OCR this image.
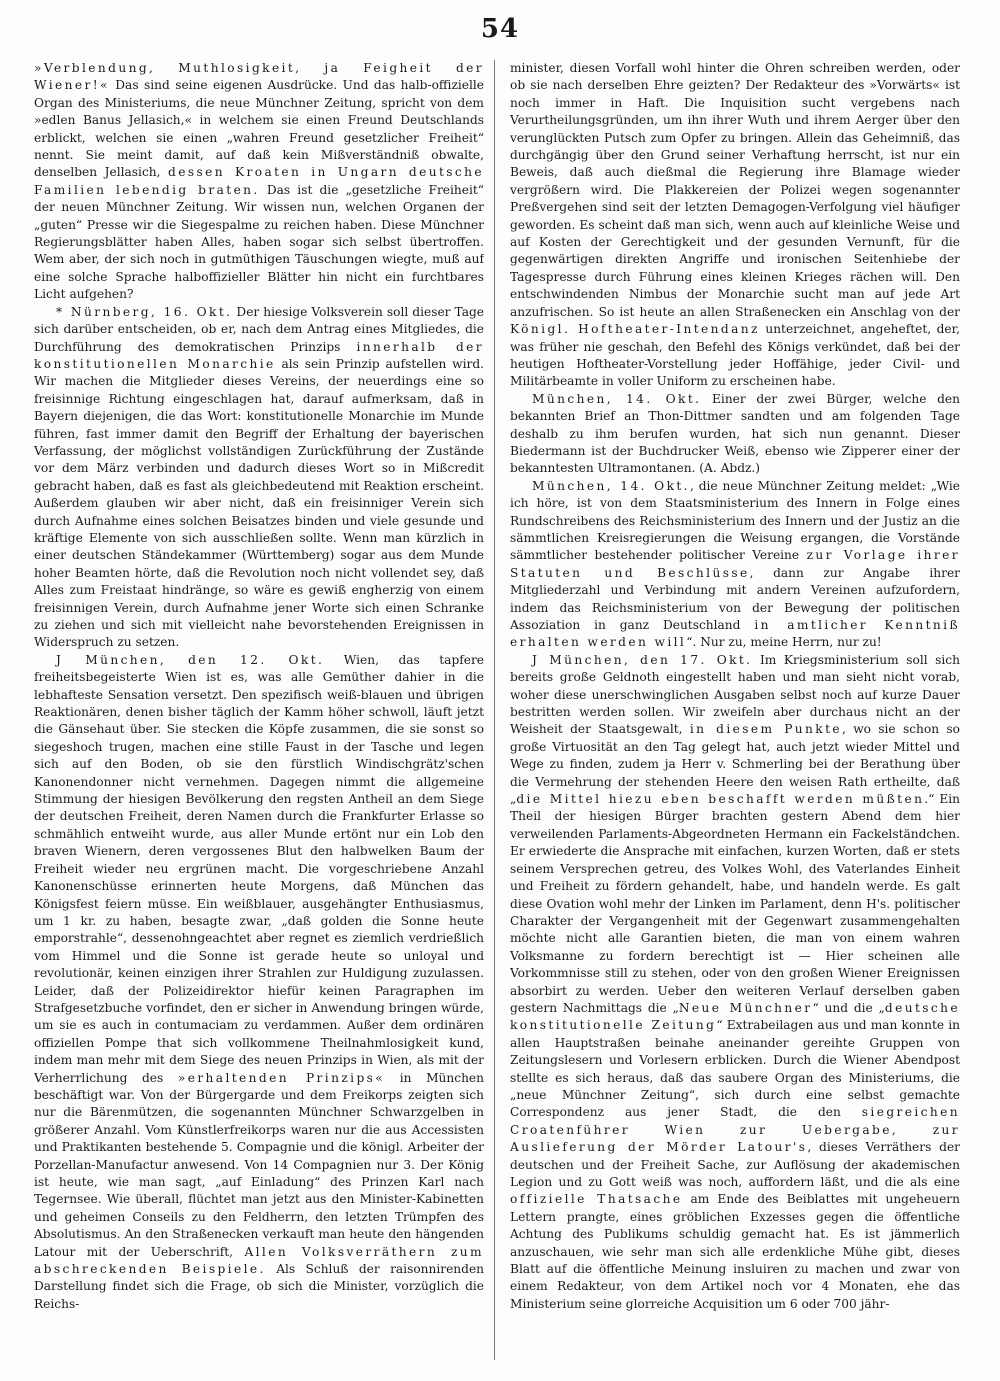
54

»Verblendung, Muthlosigkeit, ja Feigheit der Wiener!« Das sind seine eigenen Ausdrücke. Und das halb-offizielle Organ des Ministeriums, die neue Münchner Zeitung, spricht von dem »edlen Banus Jellasich,« in welchem sie einen Freund Deutschlands erblickt, welchen sie einen „wahren Freund gesetzlicher Freiheit“ nennt. Sie meint damit, auf daß kein Mißverständniß obwalte, denselben Jellasich, dessen Kroaten in Ungarn deutsche Familien lebendig braten. Das ist die „gesetzliche Freiheit“ der neuen Münchner Zeitung. Wir wissen nun, welchen Organen der „guten“ Presse wir die Siegespalme zu reichen haben. Diese Münchner Regierungsblätter haben Alles, haben sogar sich selbst übertroffen. Wem aber, der sich noch in gutmüthigen Täuschungen wiegte, muß auf eine solche Sprache halboffizieller Blätter hin nicht ein furchtbares Licht aufgehen?

* Nürnberg, 16. Okt. Der hiesige Volksverein soll dieser Tage sich darüber entscheiden, ob er, nach dem Antrag eines Mitgliedes, die Durchführung des demokratischen Prinzips innerhalb der konstitutionellen Monarchie als sein Prinzip aufstellen wird. Wir machen die Mitglieder dieses Vereins, der neuerdings eine so freisinnige Richtung eingeschlagen hat, darauf aufmerksam, daß in Bayern diejenigen, die das Wort: konstitutionelle Monarchie im Munde führen, fast immer damit den Begriff der Erhaltung der bayerischen Verfassung, der möglichst vollständigen Zurückführung der Zustände vor dem März verbinden und dadurch dieses Wort so in Mißcredit gebracht haben, daß es fast als gleichbedeutend mit Reaktion erscheint. Außerdem glauben wir aber nicht, daß ein freisinniger Verein sich durch Aufnahme eines solchen Beisatzes binden und viele gesunde und kräftige Elemente von sich ausschließen sollte. Wenn man kürzlich in einer deutschen Ständekammer (Württemberg) sogar aus dem Munde hoher Beamten hörte, daß die Revolution noch nicht vollendet sey, daß Alles zum Freistaat hindränge, so wäre es gewiß engherzig von einem freisinnigen Verein, durch Aufnahme jener Worte sich einen Schranke zu ziehen und sich mit vielleicht nahe bevorstehenden Ereignissen in Widerspruch zu setzen.

J München, den 12. Okt. Wien, das tapfere freiheitsbegeisterte Wien ist es, was alle Gemüther dahier in die lebhafteste Sensation versetzt. Den spezifisch weiß-blauen und übrigen Reaktionären, denen bisher täglich der Kamm höher schwoll, läuft jetzt die Gänsehaut über. Sie stecken die Köpfe zusammen, die sie sonst so siegeshoch trugen, machen eine stille Faust in der Tasche und legen sich auf den Boden, ob sie den fürstlich Windischgrätz'schen Kanonendonner nicht vernehmen. Dagegen nimmt die allgemeine Stimmung der hiesigen Bevölkerung den regsten Antheil an dem Siege der deutschen Freiheit, deren Namen durch die Frankfurter Erlasse so schmählich entweiht wurde, aus aller Munde ertönt nur ein Lob den braven Wienern, deren vergossenes Blut den halbwelken Baum der Freiheit wieder neu ergrünen macht. Die vorgeschriebene Anzahl Kanonenschüsse erinnerten heute Morgens, daß München das Königsfest feiern müsse. Ein weißblauer, ausgehängter Enthusiasmus, um 1 kr. zu haben, besagte zwar, „daß golden die Sonne heute emporstrahle“, dessenohngeachtet aber regnet es ziemlich verdrießlich vom Himmel und die Sonne ist gerade heute so unloyal und revolutionär, keinen einzigen ihrer Strahlen zur Huldigung zuzulassen. Leider, daß der Polizeidirektor hiefür keinen Paragraphen im Strafgesetzbuche vorfindet, den er sicher in Anwendung bringen würde, um sie es auch in contumaciam zu verdammen. Außer dem ordinären offiziellen Pompe that sich vollkommene Theilnahmlosigkeit kund, indem man mehr mit dem Siege des neuen Prinzips in Wien, als mit der Verherrlichung des »erhaltenden Prinzips« in München beschäftigt war. Von der Bürgergarde und dem Freikorps zeigten sich nur die Bärenmützen, die sogenannten Münchner Schwarzgelben in größerer Anzahl. Vom Künstlerfreikorps waren nur die aus Accessisten und Praktikanten bestehende 5. Compagnie und die königl. Arbeiter der Porzellan-Manufactur anwesend. Von 14 Compagnien nur 3. Der König ist heute, wie man sagt, „auf Einladung“ des Prinzen Karl nach Tegernsee. Wie überall, flüchtet man jetzt aus den Minister-Kabinetten und geheimen Conseils zu den Feldherrn, den letzten Trümpfen des Absolutismus. An den Straßenecken verkauft man heute den hängenden Latour mit der Ueberschrift, Allen Volksverräthern zum abschreckenden Beispiele. Als Schluß der raisonnirenden Darstellung findet sich die Frage, ob sich die Minister, vorzüglich die Reichs-

minister, diesen Vorfall wohl hinter die Ohren schreiben werden, oder ob sie nach derselben Ehre geizten? Der Redakteur des »Vorwärts« ist noch immer in Haft. Die Inquisition sucht vergebens nach Verurtheilungsgründen, um ihn ihrer Wuth und ihrem Aerger über den verunglückten Putsch zum Opfer zu bringen. Allein das Geheimniß, das durchgängig über den Grund seiner Verhaftung herrscht, ist nur ein Beweis, daß auch dießmal die Regierung ihre Blamage wieder vergrößern wird. Die Plakkereien der Polizei wegen sogenannter Preßvergehen sind seit der letzten Demagogen-Verfolgung viel häufiger geworden. Es scheint daß man sich, wenn auch auf kleinliche Weise und auf Kosten der Gerechtigkeit und der gesunden Vernunft, für die gegenwärtigen direkten Angriffe und ironischen Seitenhiebe der Tagespresse durch Führung eines kleinen Krieges rächen will. Den entschwindenden Nimbus der Monarchie sucht man auf jede Art anzufrischen. So ist heute an allen Straßenecken ein Anschlag von der Königl. Hoftheater-Intendanz unterzeichnet, angeheftet, der, was früher nie geschah, den Befehl des Königs verkündet, daß bei der heutigen Hoftheater-Vorstellung jeder Hoffähige, jeder Civil- und Militärbeamte in voller Uniform zu erscheinen habe.

München, 14. Okt. Einer der zwei Bürger, welche den bekannten Brief an Thon-Dittmer sandten und am folgenden Tage deshalb zu ihm berufen wurden, hat sich nun genannt. Dieser Biedermann ist der Buchdrucker Weiß, ebenso wie Zipperer einer der bekanntesten Ultramontanen. (A. Abdz.)

München, 14. Okt., die neue Münchner Zeitung meldet: „Wie ich höre, ist von dem Staatsministerium des Innern in Folge eines Rundschreibens des Reichsministerium des Innern und der Justiz an die sämmtlichen Kreisregierungen die Weisung ergangen, die Vorstände sämmtlicher bestehender politischer Vereine zur Vorlage ihrer Statuten und Beschlüsse, dann zur Angabe ihrer Mitgliederzahl und Verbindung mit andern Vereinen aufzufordern, indem das Reichsministerium von der Bewegung der politischen Assoziation in ganz Deutschland in amtlicher Kenntniß erhalten werden will“. Nur zu, meine Herrn, nur zu!

J München, den 17. Okt. Im Kriegsministerium soll sich bereits große Geldnoth eingestellt haben und man sieht nicht vorab, woher diese unerschwinglichen Ausgaben selbst noch auf kurze Dauer bestritten werden sollen. Wir zweifeln aber durchaus nicht an der Weisheit der Staatsgewalt, in diesem Punkte, wo sie schon so große Virtuosität an den Tag gelegt hat, auch jetzt wieder Mittel und Wege zu finden, zudem ja Herr v. Schmerling bei der Berathung über die Vermehrung der stehenden Heere den weisen Rath ertheilte, daß „die Mittel hiezu eben beschafft werden müßten.“ Ein Theil der hiesigen Bürger brachten gestern Abend dem hier verweilenden Parlaments-Abgeordneten Hermann ein Fackelständchen. Er erwiederte die Ansprache mit einfachen, kurzen Worten, daß er stets seinem Versprechen getreu, des Volkes Wohl, des Vaterlandes Einheit und Freiheit zu fördern gehandelt, habe, und handeln werde. Es galt diese Ovation wohl mehr der Linken im Parlament, denn H's. politischer Charakter der Vergangenheit mit der Gegenwart zusammengehalten möchte nicht alle Garantien bieten, die man von einem wahren Volksmanne zu fordern berechtigt ist — Hier scheinen alle Vorkommnisse still zu stehen, oder von den großen Wiener Ereignissen absorbirt zu werden. Ueber den weiteren Verlauf derselben gaben gestern Nachmittags die „Neue Münchner“ und die „deutsche konstitutionelle Zeitung“ Extrabeilagen aus und man konnte in allen Hauptstraßen beinahe aneinander gereihte Gruppen von Zeitungslesern und Vorlesern erblicken. Durch die Wiener Abendpost stellte es sich heraus, daß das saubere Organ des Ministeriums, die „neue Münchner Zeitung“, sich durch eine selbst gemachte Correspondenz aus jener Stadt, die den siegreichen Croatenführer Wien zur Uebergabe, zur Auslieferung der Mörder Latour's, dieses Verräthers der deutschen und der Freiheit Sache, zur Auflösung der akademischen Legion und zu Gott weiß was noch, auffordern läßt, und die als eine offizielle Thatsache am Ende des Beiblattes mit ungeheuern Lettern prangte, eines gröblichen Exzesses gegen die öffentliche Achtung des Publikums schuldig gemacht hat. Es ist jämmerlich anzuschauen, wie sehr man sich alle erdenkliche Mühe gibt, dieses Blatt auf die öffentliche Meinung insluiren zu machen und zwar von einem Redakteur, von dem Artikel noch vor 4 Monaten, ehe das Ministerium seine glorreiche Acquisition um 6 oder 700 jähr-
